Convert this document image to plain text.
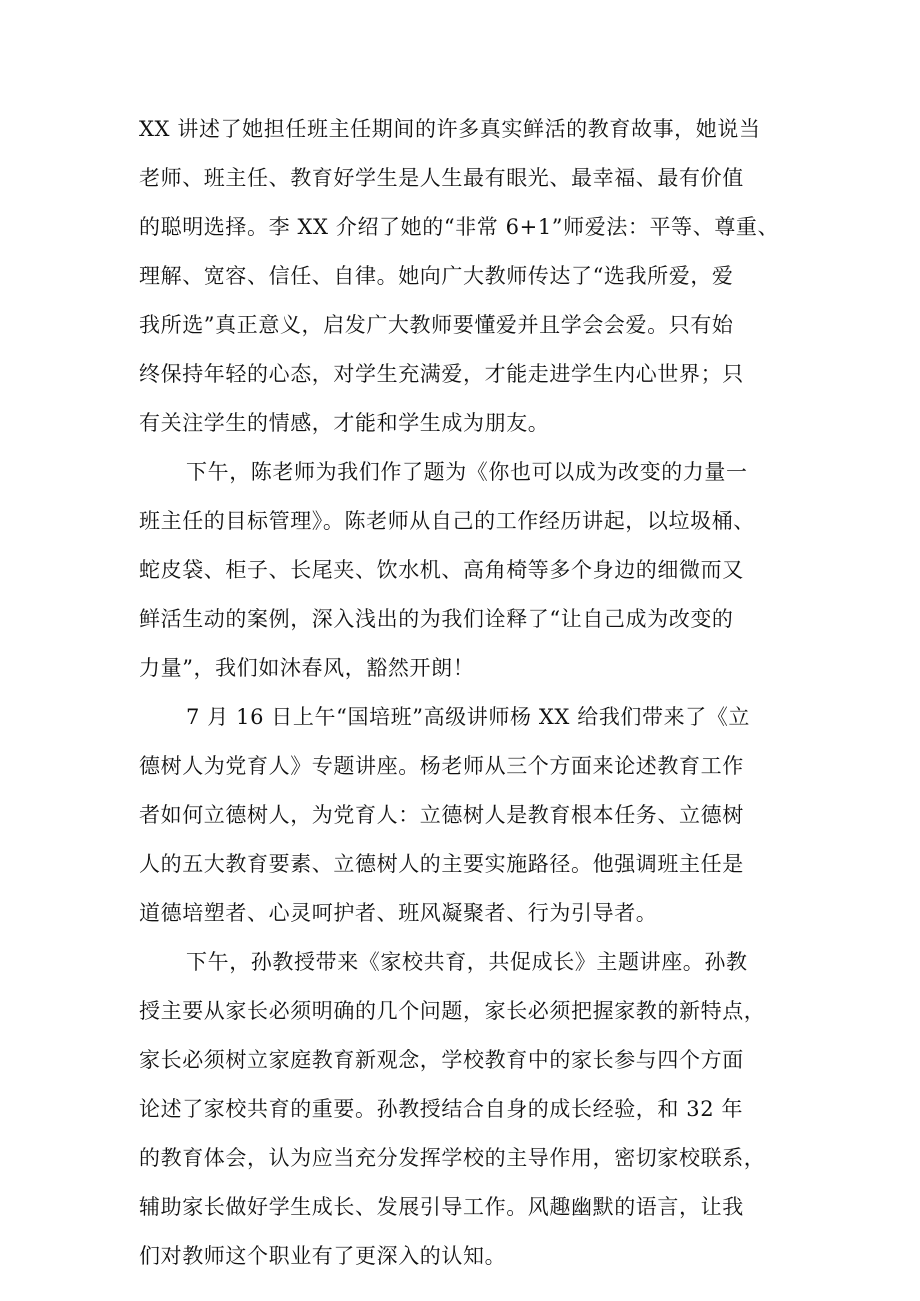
XX 讲述了她担任班主任期间的许多真实鲜活的教育故事，她说当
老师、班主任、教育好学生是人生最有眼光、最幸福、最有价值
的聪明选择。李 XX 介绍了她的“非常 6+1”师爱法：平等、尊重、
理解、宽容、信任、自律。她向广大教师传达了“选我所爱，爱
我所选”真正意义，启发广大教师要懂爱并且学会会爱。只有始
终保持年轻的心态，对学生充满爱，才能走进学生内心世界；只
有关注学生的情感，才能和学生成为朋友。
下午，陈老师为我们作了题为《你也可以成为改变的力量一
班主任的目标管理》。陈老师从自己的工作经历讲起，以垃圾桶、
蛇皮袋、柜子、长尾夹、饮水机、高角椅等多个身边的细微而又
鲜活生动的案例，深入浅出的为我们诠释了“让自己成为改变的
力量”，我们如沐春风，豁然开朗！
7 月 16 日上午“国培班”高级讲师杨 XX 给我们带来了《立
德树人为党育人》专题讲座。杨老师从三个方面来论述教育工作
者如何立德树人，为党育人：立德树人是教育根本任务、立德树
人的五大教育要素、立德树人的主要实施路径。他强调班主任是
道德培塑者、心灵呵护者、班风凝聚者、行为引导者。
下午，孙教授带来《家校共育，共促成长》主题讲座。孙教
授主要从家长必须明确的几个问题，家长必须把握家教的新特点，
家长必须树立家庭教育新观念，学校教育中的家长参与四个方面
论述了家校共育的重要。孙教授结合自身的成长经验，和 32 年
的教育体会，认为应当充分发挥学校的主导作用，密切家校联系，
辅助家长做好学生成长、发展引导工作。风趣幽默的语言，让我
们对教师这个职业有了更深入的认知。
